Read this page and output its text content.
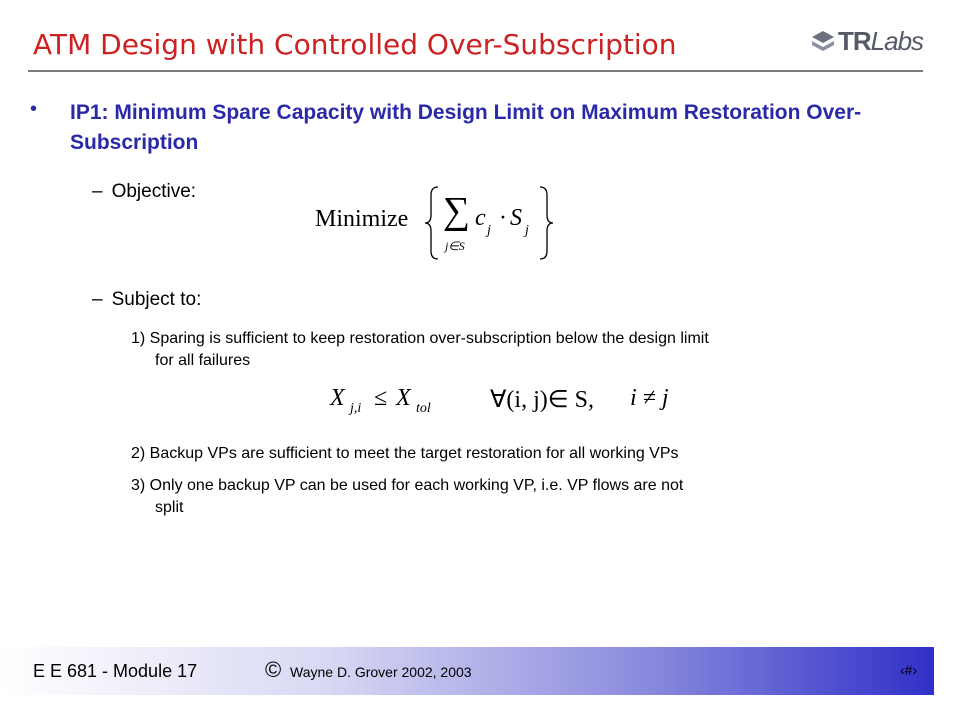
ATM Design with Controlled Over-Subscription	TRLabs
• IP1: Minimum Spare Capacity with Design Limit on Maximum Restoration Over-Subscription
– Objective:
Minimize ∑
j∈S
c j · S j
– Subject to:
1) Sparing is sufficient to keep restoration over-subscription below the design limit
for all failures
X j,i ≤ X tol ∀(i, j)∈ S, i ≠ j
2) Backup VPs are sufficient to meet the target restoration for all working VPs
3) Only one backup VP can be used for each working VP, i.e. VP flows are not
split
E E 681 - Module 17	© Wayne D. Grover 2002, 2003	‹#›
